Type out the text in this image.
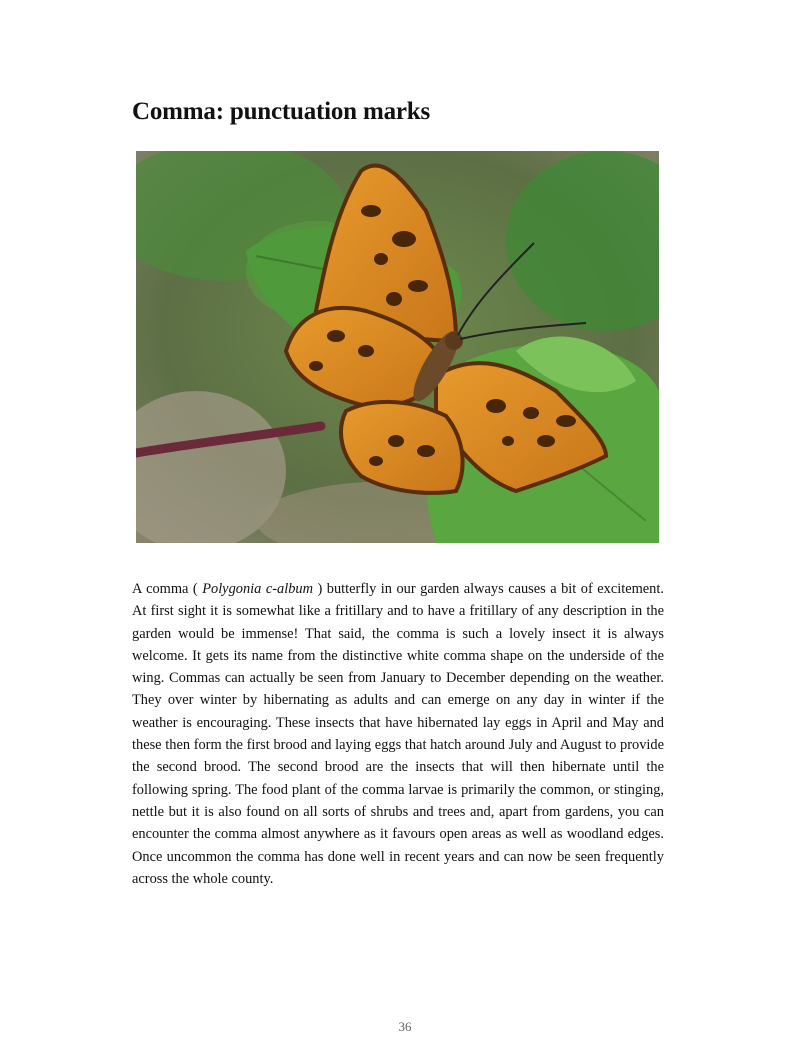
Comma: punctuation marks

A comma ( Polygonia c-album ) butterfly in our garden always causes a bit of excitement. At first sight it is somewhat like a fritillary and to have a fritillary of any description in the garden would be immense! That said, the comma is such a lovely insect it is always welcome. It gets its name from the distinctive white comma shape on the underside of the wing. Commas can actually be seen from January to December depending on the weather. They over winter by hibernating as adults and can emerge on any day in winter if the weather is encouraging. These insects that have hibernated lay eggs in April and May and these then form the first brood and laying eggs that hatch around July and August to provide the second brood. The second brood are the insects that will then hibernate until the following spring. The food plant of the comma larvae is primarily the common, or stinging, nettle but it is also found on all sorts of shrubs and trees and, apart from gardens, you can encounter the comma almost anywhere as it favours open areas as well as woodland edges. Once uncommon the comma has done well in recent years and can now be seen frequently across the whole county.

36
